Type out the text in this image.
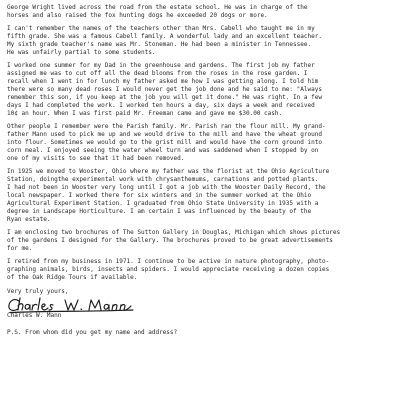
George Wright lived across the road from the estate school. He was in charge of the
horses and also raised the fox hunting dogs he exceeded 20 dogs or more.
I can't remember the names of the teachers other than Mrs. Cabell who taught me in my
fifth grade. She was a famous Cabell family. A wonderful lady and an excellent teacher.
My sixth grade teacher's name was Mr. Stoneman. He had been a minister in Tennessee.
He was unfairly partial to some students.
I worked one summer for my Dad in the greenhouse and gardens. The first job my father
assigned me was to cut off all the dead blooms from the roses in the rose garden. I
recall when I went in for lunch my father asked me how I was getting along. I told him
there were so many dead roses I would never get the job done and he said to me: "Always
remember this son, if you keep at the job you will get it done." He was right. In a few
days I had completed the work. I worked ten hours a day, six days a week and received
10¢ an hour. When I was first paid Mr. Freeman came and gave me $30.00 cash.
Other people I remember were the Parish family. Mr. Parish ran the flour mill. My grand-
father Mann used to pick me up and we would drive to the mill and have the wheat ground
into flour. Sometimes we would go to the grist mill and would have the corn ground into
corn meal. I enjoyed seeing the water wheel turn and was saddened when I stopped by on
one of my visits to see that it had been removed.
In 1925 we moved to Wooster, Ohio where my father was the florist at the Ohio Agriculture
Station, doingthe experimental work with chrysanthemums, carnations and potted plants.
I had not been in Wooster very long until I got a job with the Wooster Daily Record, the
local newspaper. I worked there for six winters and in the summer worked at the Ohio
Agricultural Experiment Station. I graduated from Ohio State University in 1935 with a
degree in Landscape Horticulture. I am certain I was influenced by the beauty of the
Ryan estate.
I am enclosing two brochures of The Sutton Gallery in Douglas, Michigan which shows pictures
of the gardens I designed for the Gallery. The brochures proved to be great advertisements
for me.
I retired from my business in 1971. I continue to be active in nature photography, photo-
graphing animals, birds, insects and spiders. I would appreciate receiving a dozen copies
of the Oak Ridge Tours if available.
Very truly yours,
Charles W. Mann
P.S. From whom did you get my name and address?
